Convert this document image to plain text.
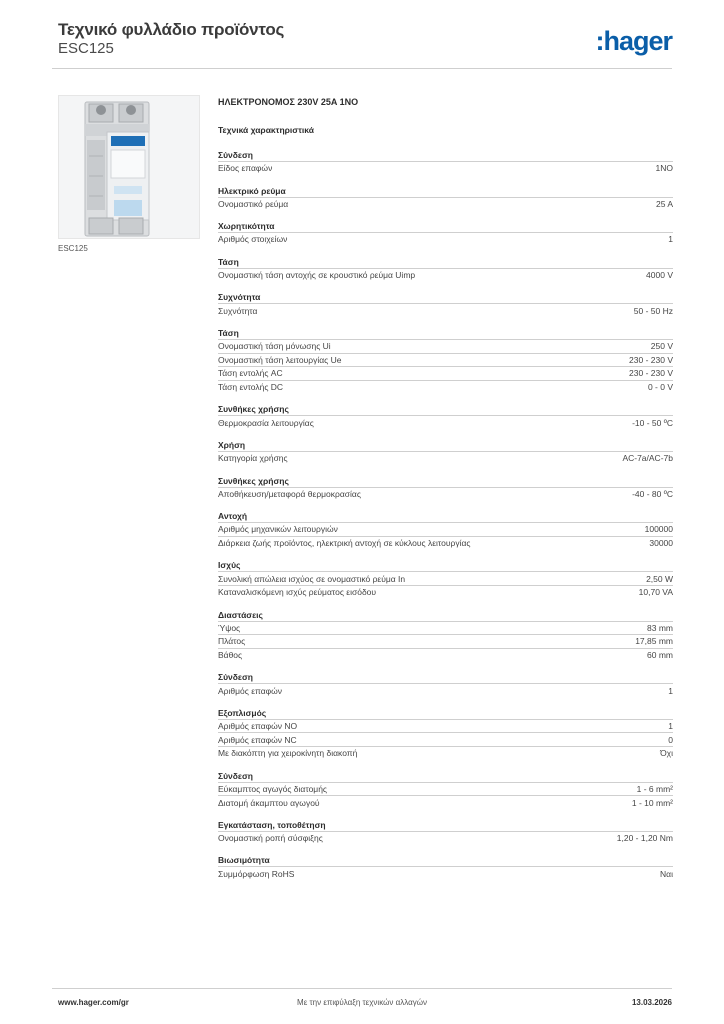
Τεχνικό φυλλάδιο προϊόντος
ESC125	:hager
ESC125
ΗΛΕΚΤΡΟΝΟΜΟΣ 230V 25A 1NO
Τεχνικά χαρακτηριστικά
Σύνδεση
Είδος επαφών	1NO
Ηλεκτρικό ρεύμα
Ονομαστικό ρεύμα	25 A
Χωρητικότητα
Αριθμός στοιχείων	1
Τάση
Ονομαστική τάση αντοχής σε κρουστικό ρεύμα Uimp	4000 V
Συχνότητα
Συχνότητα	50 - 50 Hz
Τάση
Ονομαστική τάση μόνωσης Ui	250 V
Ονομαστική τάση λειτουργίας Ue	230 - 230 V
Τάση εντολής AC	230 - 230 V
Τάση εντολής DC	0 - 0 V
Συνθήκες χρήσης
Θερμοκρασία λειτουργίας	-10 - 50 ºC
Χρήση
Κατηγορία χρήσης	AC-7a/AC-7b
Συνθήκες χρήσης
Αποθήκευση/μεταφορά θερμοκρασίας	-40 - 80 ºC
Αντοχή
Αριθμός μηχανικών λειτουργιών	100000
Διάρκεια ζωής προϊόντος, ηλεκτρική αντοχή σε κύκλους λειτουργίας	30000
Ισχύς
Συνολική απώλεια ισχύος σε ονομαστικό ρεύμα In	2,50 W
Καταναλισκόμενη ισχύς ρεύματος εισόδου	10,70 VA
Διαστάσεις
Ύψος	83 mm
Πλάτος	17,85 mm
Βάθος	60 mm
Σύνδεση
Αριθμός επαφών	1
Εξοπλισμός
Αριθμός επαφών NO	1
Αριθμός επαφών NC	0
Με διακόπτη για χειροκίνητη διακοπή	Όχι
Σύνδεση
Εύκαμπτος αγωγός διατομής	1 - 6 mm²
Διατομή άκαμπτου αγωγού	1 - 10 mm²
Εγκατάσταση, τοποθέτηση
Ονομαστική ροπή σύσφιξης	1,20 - 1,20 Nm
Βιωσιμότητα
Συμμόρφωση RoHS	Ναι
Με την επιφύλαξη τεχνικών αλλαγών
www.hager.com/gr	13.03.2026
